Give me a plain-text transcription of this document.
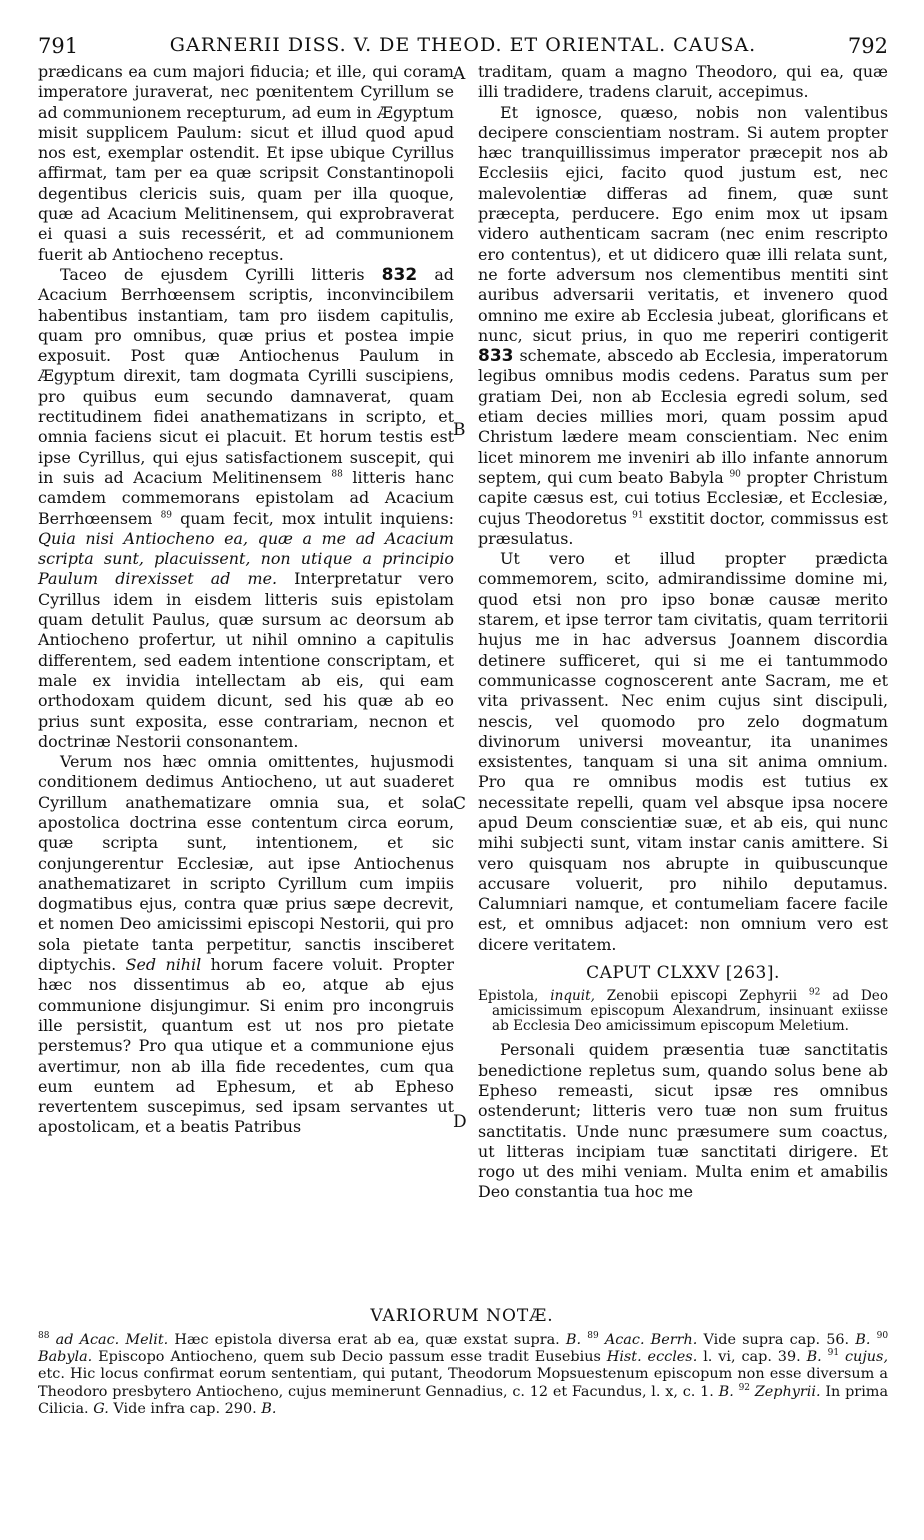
791	GARNERII DISS. V. DE THEOD. ET ORIENTAL. CAUSA.	792
A
B
C
D

prædicans ea cum majori fiducia; et ille, qui coram imperatore juraverat, nec pœnitentem Cyrillum se ad communionem recepturum, ad eum in Ægyptum misit supplicem Paulum: sicut et illud quod apud nos est, exemplar ostendit. Et ipse ubique Cyrillus affirmat, tam per ea quæ scripsit Constantinopoli degentibus clericis suis, quam per illa quoque, quæ ad Acacium Melitinensem, qui exprobraverat ei quasi a suis recessérit, et ad communionem fuerit ab Antiocheno receptus.

Taceo de ejusdem Cyrilli litteris 832 ad Acacium Berrhœensem scriptis, inconvincibilem habentibus instantiam, tam pro iisdem capitulis, quam pro omnibus, quæ prius et postea impie exposuit. Post quæ Antiochenus Paulum in Ægyptum direxit, tam dogmata Cyrilli suscipiens, pro quibus eum secundo damnaverat, quam rectitudinem fidei anathematizans in scripto, et omnia faciens sicut ei placuit. Et horum testis est ipse Cyrillus, qui ejus satisfactionem suscepit, qui in suis ad Acacium Melitinensem $^{88}$ litteris hanc camdem commemorans epistolam ad Acacium Berrhœensem $^{89}$ quam fecit, mox intulit inquiens: Quia nisi Antiocheno ea, quæ a me ad Acacium scripta sunt, placuissent, non utique a principio Paulum direxisset ad me. Interpretatur vero Cyrillus idem in eisdem litteris suis epistolam quam detulit Paulus, quæ sursum ac deorsum ab Antiocheno profertur, ut nihil omnino a capitulis differentem, sed eadem intentione conscriptam, et male ex invidia intellectam ab eis, qui eam orthodoxam quidem dicunt, sed his quæ ab eo prius sunt exposita, esse contrariam, necnon et doctrinæ Nestorii consonantem.

Verum nos hæc omnia omittentes, hujusmodi conditionem dedimus Antiocheno, ut aut suaderet Cyrillum anathematizare omnia sua, et sola apostolica doctrina esse contentum circa eorum, quæ scripta sunt, intentionem, et sic conjungerentur Ecclesiæ, aut ipse Antiochenus anathematizaret in scripto Cyrillum cum impiis dogmatibus ejus, contra quæ prius sæpe decrevit, et nomen Deo amicissimi episcopi Nestorii, qui pro sola pietate tanta perpetitur, sanctis insciberet diptychis. Sed nihil horum facere voluit. Propter hæc nos dissentimus ab eo, atque ab ejus communione disjungimur. Si enim pro incongruis ille persistit, quantum est ut nos pro pietate perstemus? Pro qua utique et a communione ejus avertimur, non ab illa fide recedentes, cum qua eum euntem ad Ephesum, et ab Epheso revertentem suscepimus, sed ipsam servantes ut apostolicam, et a beatis Patribus

traditam, quam a magno Theodoro, qui ea, quæ illi tradidere, tradens claruit, accepimus.

Et ignosce, quæso, nobis non valentibus decipere conscientiam nostram. Si autem propter hæc tranquillissimus imperator præcepit nos ab Ecclesiis ejici, facito quod justum est, nec malevolentiæ differas ad finem, quæ sunt præcepta, perducere. Ego enim mox ut ipsam videro authenticam sacram (nec enim rescripto ero contentus), et ut didicero quæ illi relata sunt, ne forte adversum nos clementibus mentiti sint auribus adversarii veritatis, et invenero quod omnino me exire ab Ecclesia jubeat, glorificans et nunc, sicut prius, in quo me reperiri contigerit 833 schemate, abscedo ab Ecclesia, imperatorum legibus omnibus modis cedens. Paratus sum per gratiam Dei, non ab Ecclesia egredi solum, sed etiam decies millies mori, quam possim apud Christum lædere meam conscientiam. Nec enim licet minorem me inveniri ab illo infante annorum septem, qui cum beato Babyla $^{90}$ propter Christum capite cæsus est, cui totius Ecclesiæ, et Ecclesiæ, cujus Theodoretus $^{91}$ exstitit doctor, commissus est præsulatus.

Ut vero et illud propter prædicta commemorem, scito, admirandissime domine mi, quod etsi non pro ipso bonæ causæ merito starem, et ipse terror tam civitatis, quam territorii hujus me in hac adversus Joannem discordia detinere sufficeret, qui si me ei tantummodo communicasse cognoscerent ante Sacram, me et vita privassent. Nec enim cujus sint discipuli, nescis, vel quomodo pro zelo dogmatum divinorum universi moveantur, ita unanimes exsistentes, tanquam si una sit anima omnium. Pro qua re omnibus modis est tutius ex necessitate repelli, quam vel absque ipsa nocere apud Deum conscientiæ suæ, et ab eis, qui nunc mihi subjecti sunt, vitam instar canis amittere. Si vero quisquam nos abrupte in quibuscunque accusare voluerit, pro nihilo deputamus. Calumniari namque, et contumeliam facere facile est, et omnibus adjacet: non omnium vero est dicere veritatem.

CAPUT CLXXV [263].

Epistola, inquit, Zenobii episcopi Zephyrii $^{92}$ ad Deo amicissimum episcopum Alexandrum, insinuant exiisse ab Ecclesia Deo amicissimum episcopum Meletium.

Personali quidem præsentia tuæ sanctitatis benedictione repletus sum, quando solus bene ab Epheso remeasti, sicut ipsæ res omnibus ostenderunt; litteris vero tuæ non sum fruitus sanctitatis. Unde nunc præsumere sum coactus, ut litteras incipiam tuæ sanctitati dirigere. Et rogo ut des mihi veniam. Multa enim et amabilis Deo constantia tua hoc me

VARIORUM NOTÆ.
$^{88}$ ad Acac. Melit. Hæc epistola diversa erat ab ea, quæ exstat supra. B. $^{89}$ Acac. Berrh. Vide supra cap. 56. B. $^{90}$ Babyla. Episcopo Antiocheno, quem sub Decio passum esse tradit Eusebius Hist. eccles. l. vi, cap. 39. B. $^{91}$ cujus, etc. Hic locus confirmat eorum sententiam, qui putant, Theodorum Mopsuestenum episcopum non esse diversum a Theodoro presbytero Antiocheno, cujus meminerunt Gennadius, c. 12 et Facundus, l. x, c. 1. B. $^{92}$ Zephyrii. In prima Cilicia. G. Vide infra cap. 290. B.
